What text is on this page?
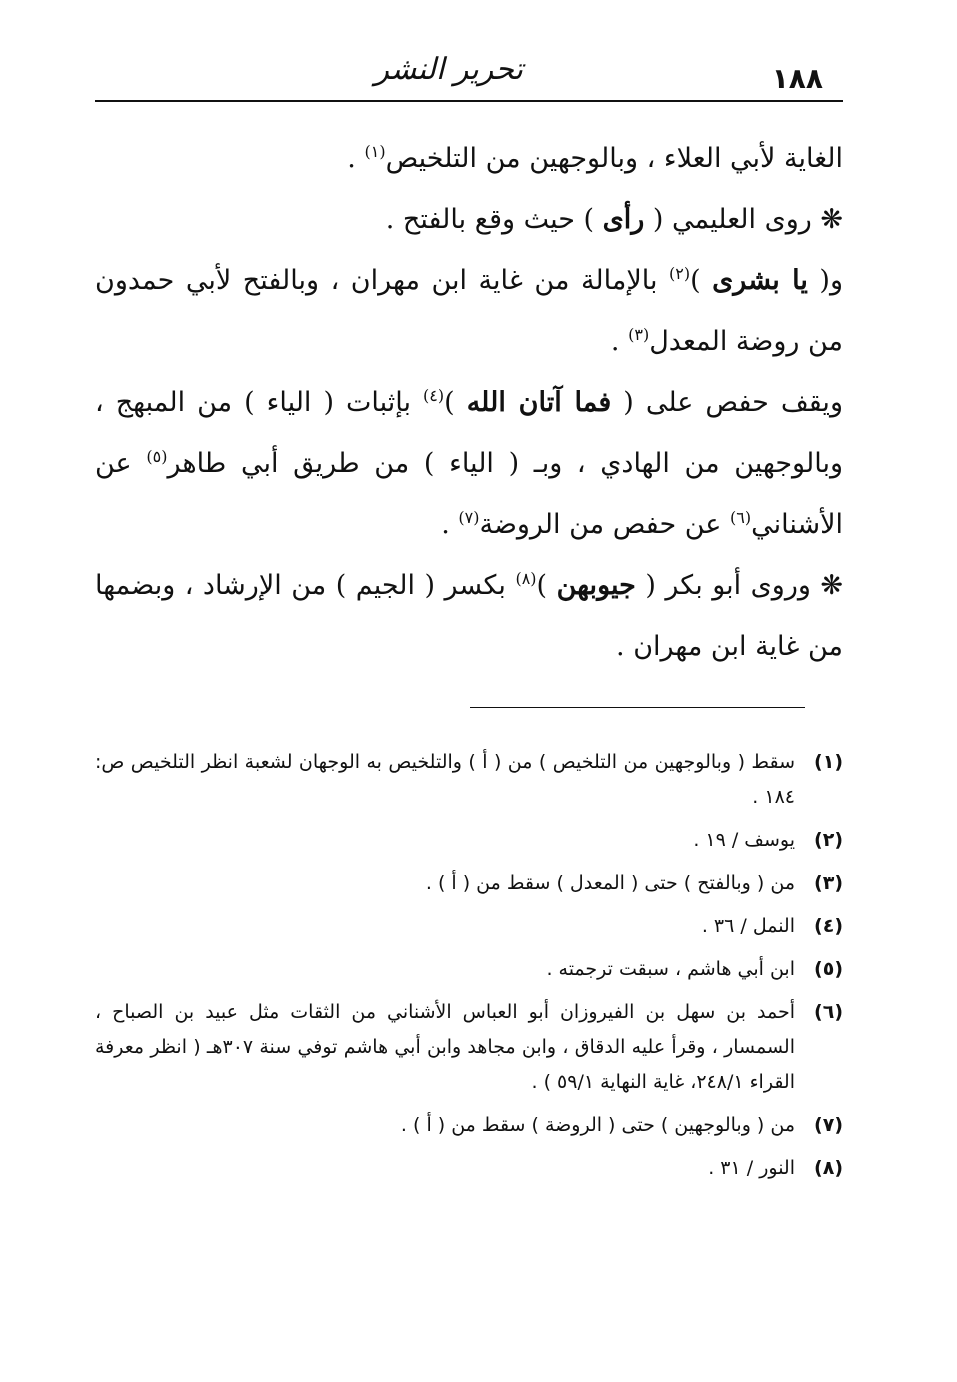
١٨٨
تحرير النشر

الغاية لأبي العلاء ، وبالوجهين من التلخيص$^{(١)}$ .

❋ روى العليمي ( رأى ) حيث وقع بالفتح .

و( يا بشرى )$^{(٢)}$ بالإمالة من غاية ابن مهران ، وبالفتح لأبي حمدون من روضة المعدل$^{(٣)}$ .

ويقف حفص على ( فما آتان الله )$^{(٤)}$ بإثبات ( الياء ) من المبهج ، وبالوجهين من الهادي ، وبـ ( الياء ) من طريق أبي طاهر$^{(٥)}$ عن الأشناني$^{(٦)}$ عن حفص من الروضة$^{(٧)}$ .

❋ وروى أبو بكر ( جيوبهن )$^{(٨)}$ بكسر ( الجيم ) من الإرشاد ، وبضمها من غاية ابن مهران .

(١)
سقط ( وبالوجهين من التلخيص ) من ( أ ) والتلخيص به الوجهان لشعبة انظر التلخيص ص: ١٨٤ .
(٢)
يوسف / ١٩ .
(٣)
من ( وبالفتح ) حتى ( المعدل ) سقط من ( أ ) .
(٤)
النمل / ٣٦ .
(٥)
ابن أبي هاشم ، سبقت ترجمته .
(٦)
أحمد بن سهل بن الفيروزان أبو العباس الأشناني من الثقات مثل عبيد بن الصباح ، السمسار ، وقرأ عليه الدقاق ، وابن مجاهد وابن أبي هاشم توفي سنة ٣٠٧هـ ( انظر معرفة القراء ٢٤٨/١، غاية النهاية ٥٩/١ ) .
(٧)
من ( وبالوجهين ) حتى ( الروضة ) سقط من ( أ ) .
(٨)
النور / ٣١ .
